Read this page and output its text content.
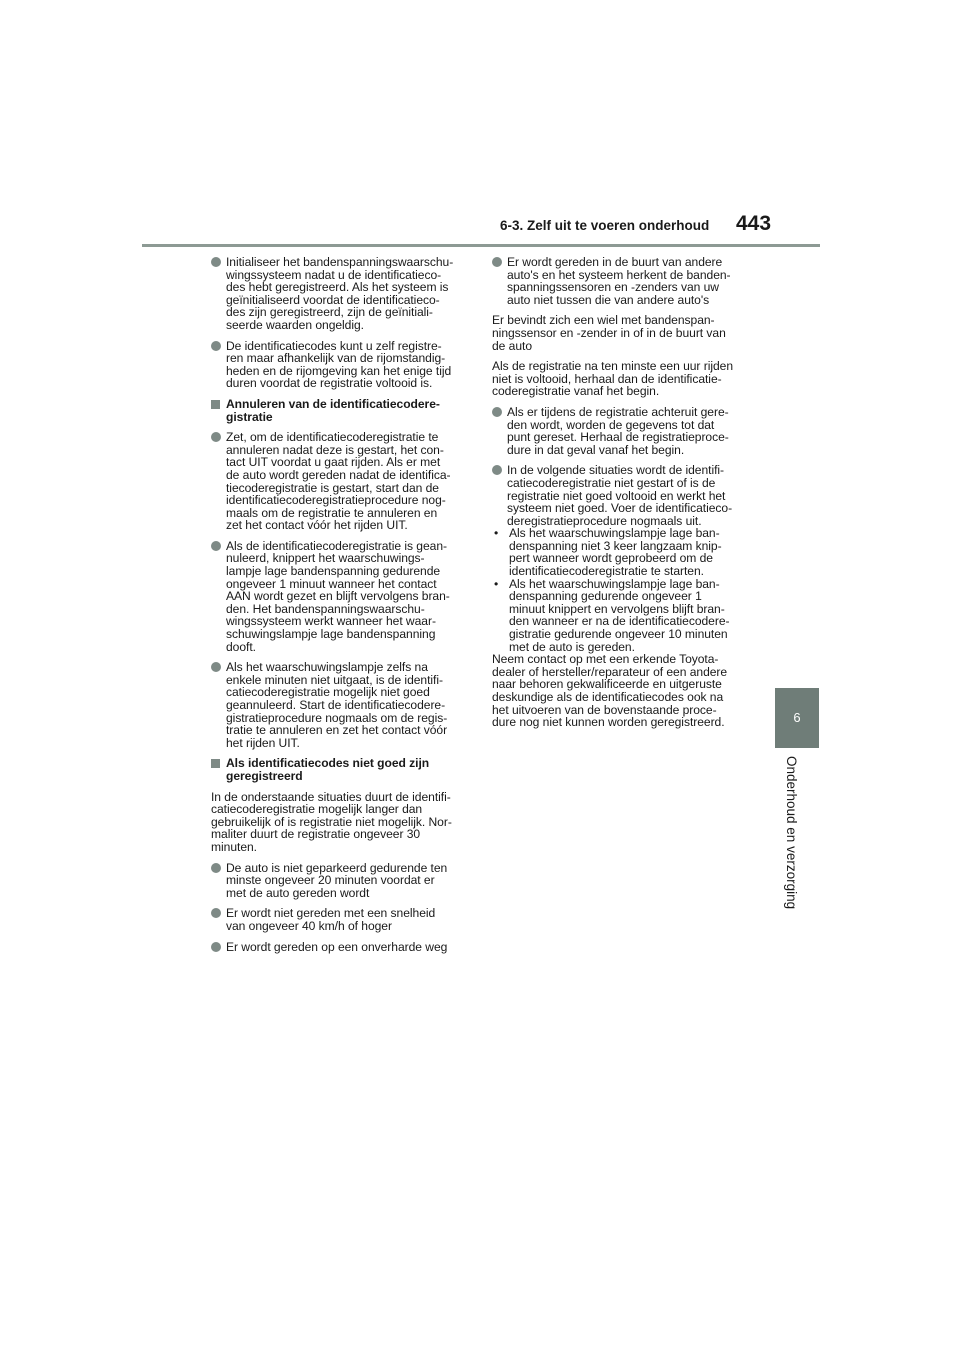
6-3. Zelf uit te voeren onderhoud 443
6
Onderhoud en verzorging
Initialiseer het bandenspanningswaarschu-
wingssysteem nadat u de identificatieco-
des hebt geregistreerd. Als het systeem is
geïnitialiseerd voordat de identificatieco-
des zijn geregistreerd, zijn de geïnitiali-
seerde waarden ongeldig.
De identificatiecodes kunt u zelf registre-
ren maar afhankelijk van de rijomstandig-
heden en de rijomgeving kan het enige tijd
duren voordat de registratie voltooid is.
Annuleren van de identificatiecodere-
gistratie
Zet, om de identificatiecoderegistratie te
annuleren nadat deze is gestart, het con-
tact UIT voordat u gaat rijden. Als er met
de auto wordt gereden nadat de identifica-
tiecoderegistratie is gestart, start dan de
identificatiecoderegistratieprocedure nog-
maals om de registratie te annuleren en
zet het contact vóór het rijden UIT.
Als de identificatiecoderegistratie is gean-
nuleerd, knippert het waarschuwings-
lampje lage bandenspanning gedurende
ongeveer 1 minuut wanneer het contact
AAN wordt gezet en blijft vervolgens bran-
den. Het bandenspanningswaarschu-
wingssysteem werkt wanneer het waar-
schuwingslampje lage bandenspanning
dooft.
Als het waarschuwingslampje zelfs na
enkele minuten niet uitgaat, is de identifi-
catiecoderegistratie mogelijk niet goed
geannuleerd. Start de identificatiecodere-
gistratieprocedure nogmaals om de regis-
tratie te annuleren en zet het contact vóór
het rijden UIT.
Als identificatiecodes niet goed zijn
geregistreerd
In de onderstaande situaties duurt de identifi-
catiecoderegistratie mogelijk langer dan
gebruikelijk of is registratie niet mogelijk. Nor-
maliter duurt de registratie ongeveer 30
minuten.
De auto is niet geparkeerd gedurende ten
minste ongeveer 20 minuten voordat er
met de auto gereden wordt
Er wordt niet gereden met een snelheid
van ongeveer 40 km/h of hoger
Er wordt gereden op een onverharde weg
Er wordt gereden in de buurt van andere
auto's en het systeem herkent de banden-
spanningssensoren en -zenders van uw
auto niet tussen die van andere auto's
Er bevindt zich een wiel met bandenspan-
ningssensor en -zender in of in de buurt van
de auto
Als de registratie na ten minste een uur rijden
niet is voltooid, herhaal dan de identificatie-
coderegistratie vanaf het begin.
Als er tijdens de registratie achteruit gere-
den wordt, worden de gegevens tot dat
punt gereset. Herhaal de registratieproce-
dure in dat geval vanaf het begin.
In de volgende situaties wordt de identifi-
catiecoderegistratie niet gestart of is de
registratie niet goed voltooid en werkt het
systeem niet goed. Voer de identificatieco-
deregistratieprocedure nogmaals uit.
• Als het waarschuwingslampje lage ban-
denspanning niet 3 keer langzaam knip-
pert wanneer wordt geprobeerd om de
identificatiecoderegistratie te starten.
• Als het waarschuwingslampje lage ban-
denspanning gedurende ongeveer 1
minuut knippert en vervolgens blijft bran-
den wanneer er na de identificatiecodere-
gistratie gedurende ongeveer 10 minuten
met de auto is gereden.
Neem contact op met een erkende Toyota-
dealer of hersteller/reparateur of een andere
naar behoren gekwalificeerde en uitgeruste
deskundige als de identificatiecodes ook na
het uitvoeren van de bovenstaande proce-
dure nog niet kunnen worden geregistreerd.
